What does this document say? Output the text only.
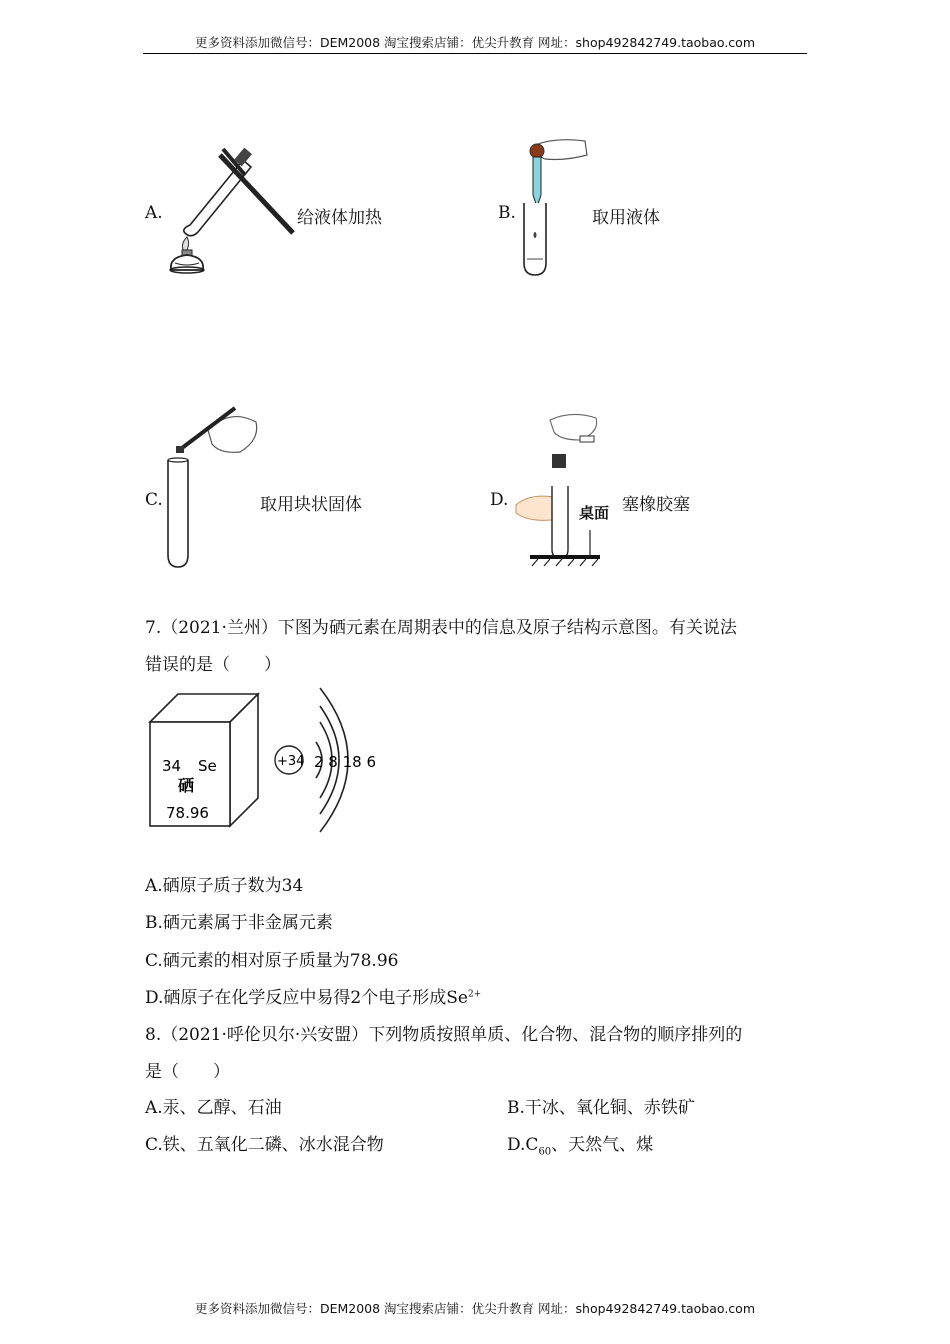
更多资料添加微信号：DEM2008 淘宝搜索店铺：优尖升教育 网址：shop492842749.taobao.com
A.	给液体加热	B.	取用液体
C.	取用块状固体	D.
桌面 塞橡胶塞
7.（2021·兰州）下图为硒元素在周期表中的信息及原子结构示意图。有关说法
错误的是（　　）
34 Se
硒
78.96
+34 2 8 18 6
A.硒原子质子数为34
B.硒元素属于非金属元素
C.硒元素的相对原子质量为78.96
D.硒原子在化学反应中易得2个电子形成$Se^{2+}$
8.（2021·呼伦贝尔·兴安盟）下列物质按照单质、化合物、混合物的顺序排列的
是（　　）
A.汞、乙醇、石油	B.干冰、氧化铜、赤铁矿
C.铁、五氧化二磷、冰水混合物	$D.C_{60}$、天然气、煤
更多资料添加微信号：DEM2008 淘宝搜索店铺：优尖升教育 网址：shop492842749.taobao.com
